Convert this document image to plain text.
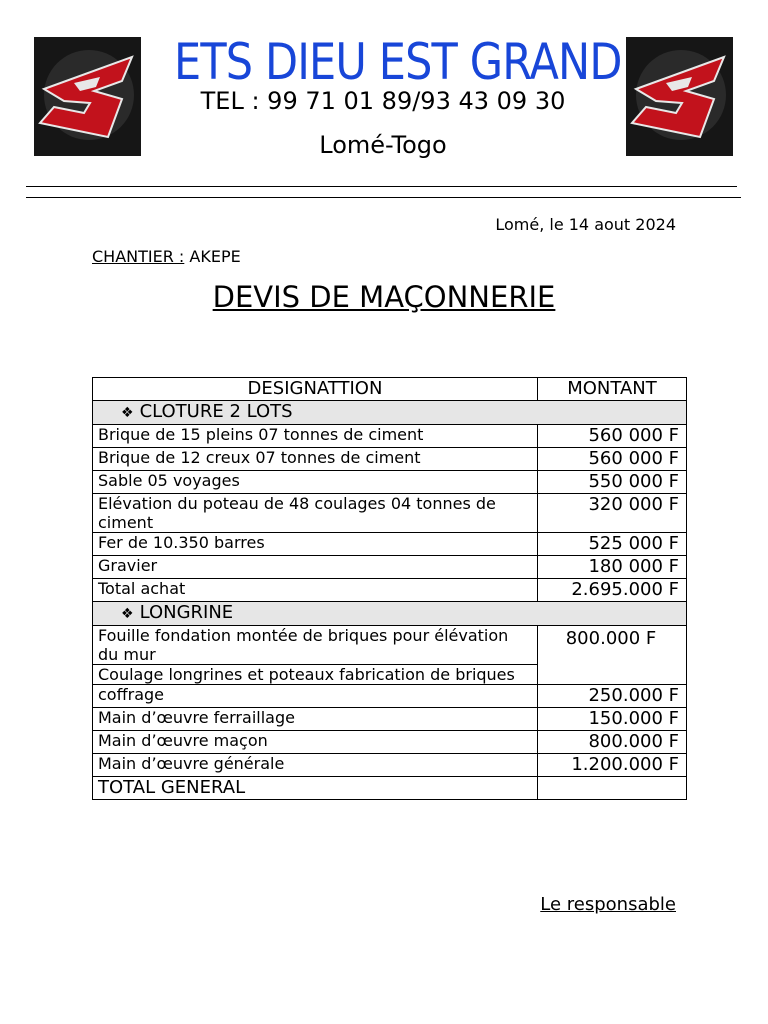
ETS DIEU EST GRAND
TEL : 99 71 01 89/93 43 09 30
Lomé-Togo
Lomé, le 14 aout 2024
CHANTIER : AKEPE
DEVIS DE MAÇONNERIE
DESIGNATTION	MONTANT
❖ CLOTURE 2 LOTS	
Brique de 15 pleins 07 tonnes de ciment	560 000 F
Brique de 12 creux 07 tonnes de ciment	560 000 F
Sable 05 voyages	550 000 F
Elévation du poteau de 48 coulages 04 tonnes de ciment	320 000 F
Fer de 10.350 barres	525 000 F
Gravier	180 000 F
Total achat	2.695.000 F
❖ LONGRINE	
Fouille fondation montée de briques pour élévation du mur	800.000 F
Coulage longrines et poteaux fabrication de briques	
coffrage	250.000 F
Main d’œuvre ferraillage	150.000 F
Main d’œuvre maçon	800.000 F
Main d’œuvre générale	1.200.000 F
TOTAL GENERAL	
Le responsable
